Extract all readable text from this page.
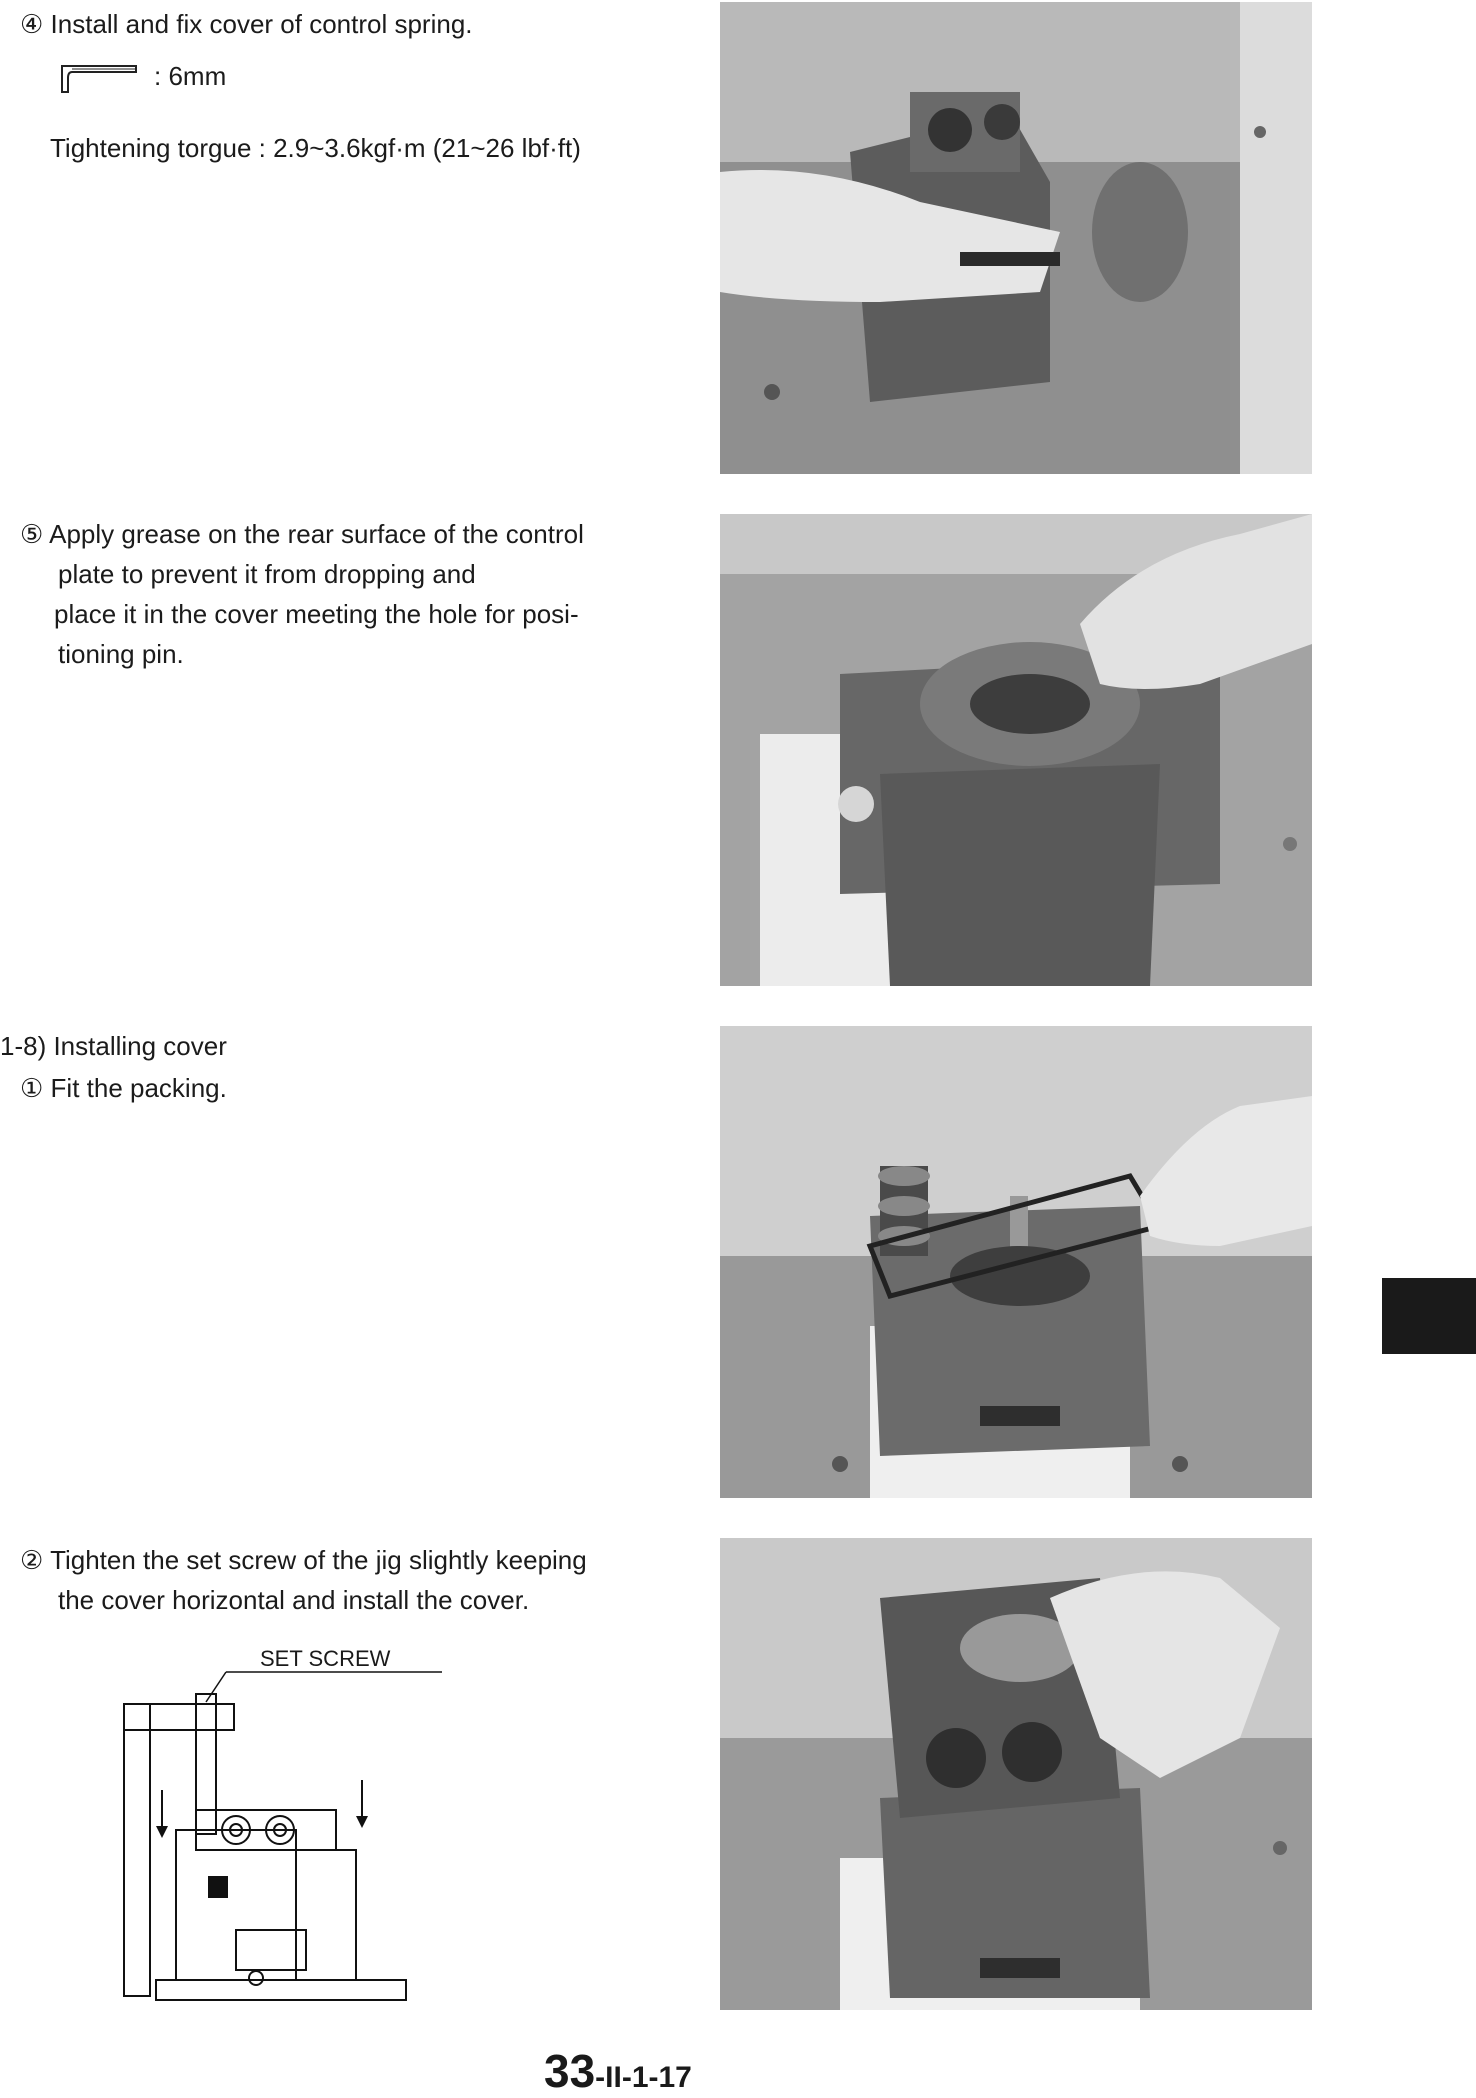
④ Install and fix cover of control spring.
: 6mm
Tightening torgue : 2.9~3.6kgf·m (21~26 lbf·ft)
⑤ Apply grease on the rear surface of the control
plate to prevent it from dropping and
place it in the cover meeting the hole for posi-
tioning pin.
1-8) Installing cover
① Fit the packing.
② Tighten the set screw of the jig slightly keeping
the cover horizontal and install the cover.
SET SCREW
33-II-1-17
